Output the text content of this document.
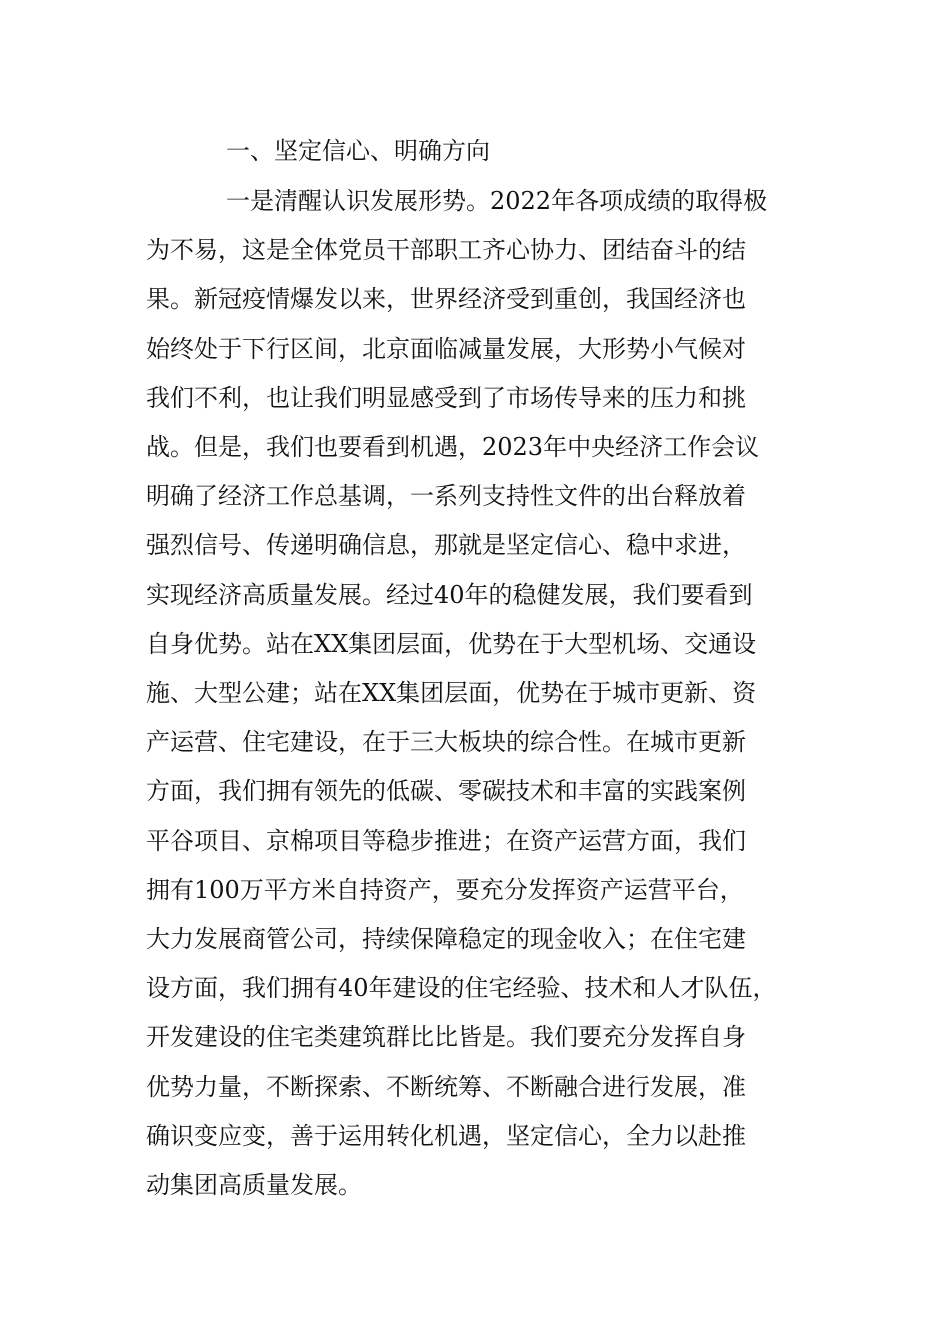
一、坚定信心、明确方向

一是清醒认识发展形势。2022年各项成绩的取得极

为不易，这是全体党员干部职工齐心协力、团结奋斗的结

果。新冠疫情爆发以来，世界经济受到重创，我国经济也

始终处于下行区间，北京面临减量发展，大形势小气候对

我们不利，也让我们明显感受到了市场传导来的压力和挑

战。但是，我们也要看到机遇，2023年中央经济工作会议

明确了经济工作总基调，一系列支持性文件的出台释放着

强烈信号、传递明确信息，那就是坚定信心、稳中求进，

实现经济高质量发展。经过40年的稳健发展，我们要看到

自身优势。站在XX集团层面，优势在于大型机场、交通设

施、大型公建；站在XX集团层面，优势在于城市更新、资

产运营、住宅建设，在于三大板块的综合性。在城市更新

方面，我们拥有领先的低碳、零碳技术和丰富的实践案例

平谷项目、京棉项目等稳步推进；在资产运营方面，我们

拥有100万平方米自持资产，要充分发挥资产运营平台，

大力发展商管公司，持续保障稳定的现金收入；在住宅建

设方面，我们拥有40年建设的住宅经验、技术和人才队伍，

开发建设的住宅类建筑群比比皆是。我们要充分发挥自身

优势力量，不断探索、不断统筹、不断融合进行发展，准

确识变应变，善于运用转化机遇，坚定信心，全力以赴推

动集团高质量发展。
